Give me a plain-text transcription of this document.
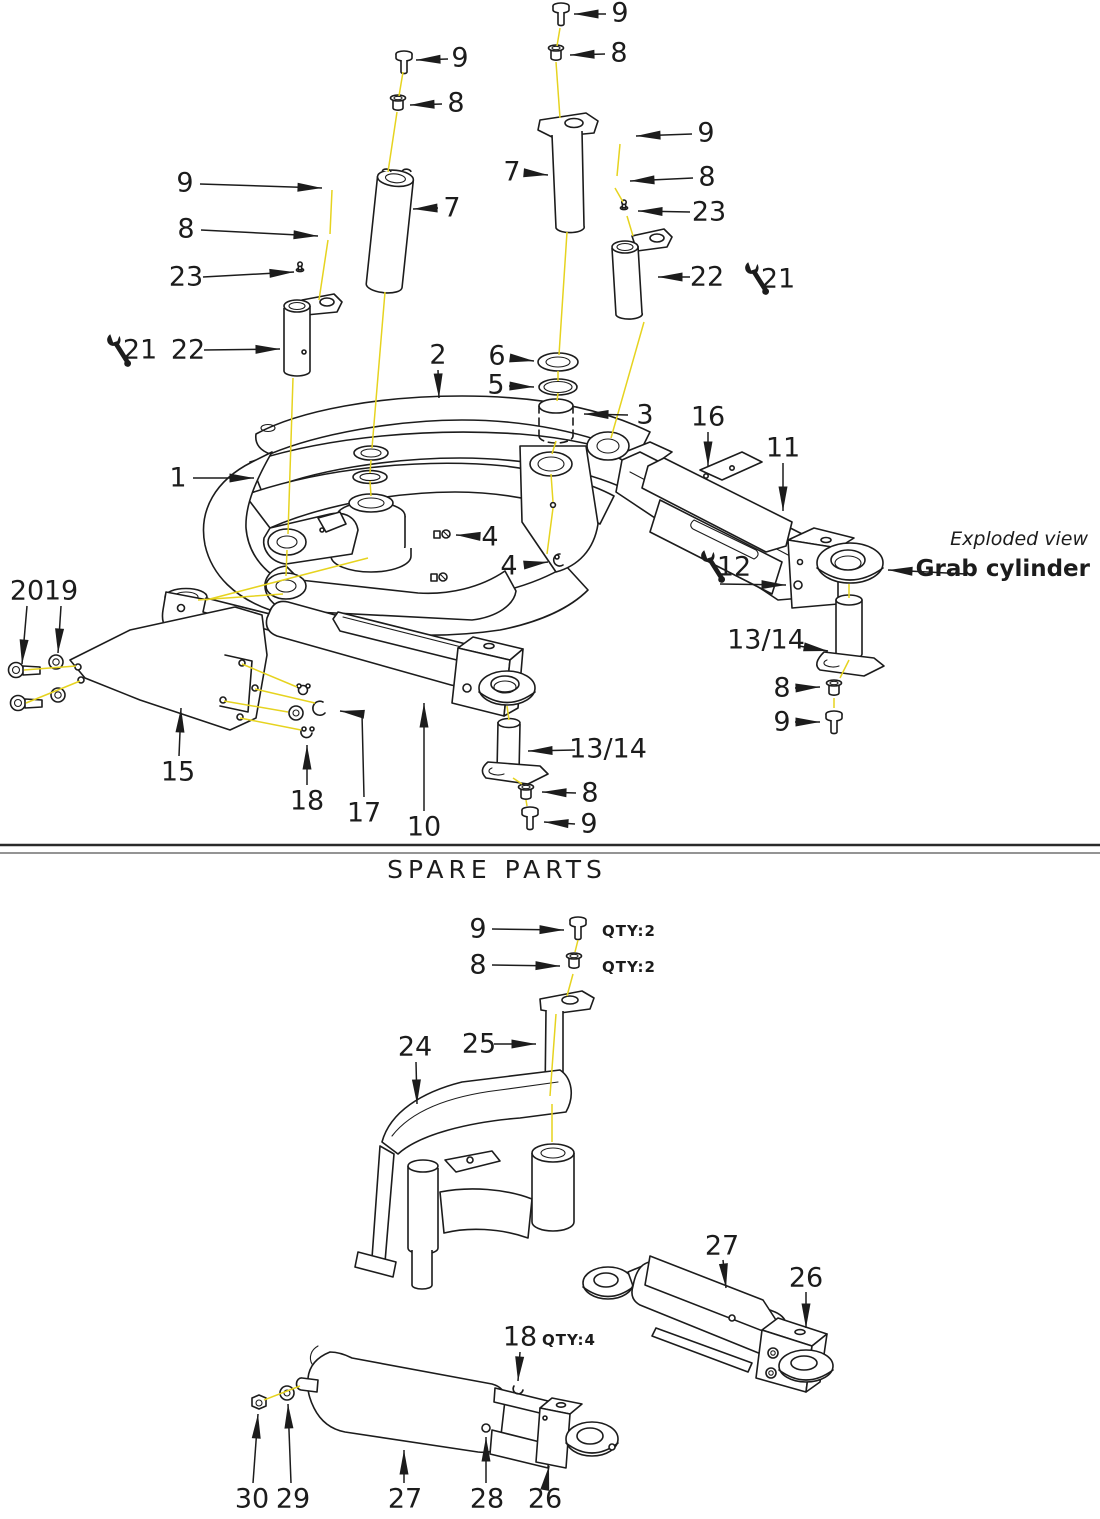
9
8
9
8
7
7
9
8
23
22 21
9
8
23
22
21	2 6
5
3 16
11
1
4
4	12
Exploded view
Grab cylinder
13/14
8
9
20 19
15
18 17 10
13/14
8
9
SPARE PARTS
9	QTY:2
8	QTY:2
24 25
27
26
18 QTY:4
30 29	27 28 26
